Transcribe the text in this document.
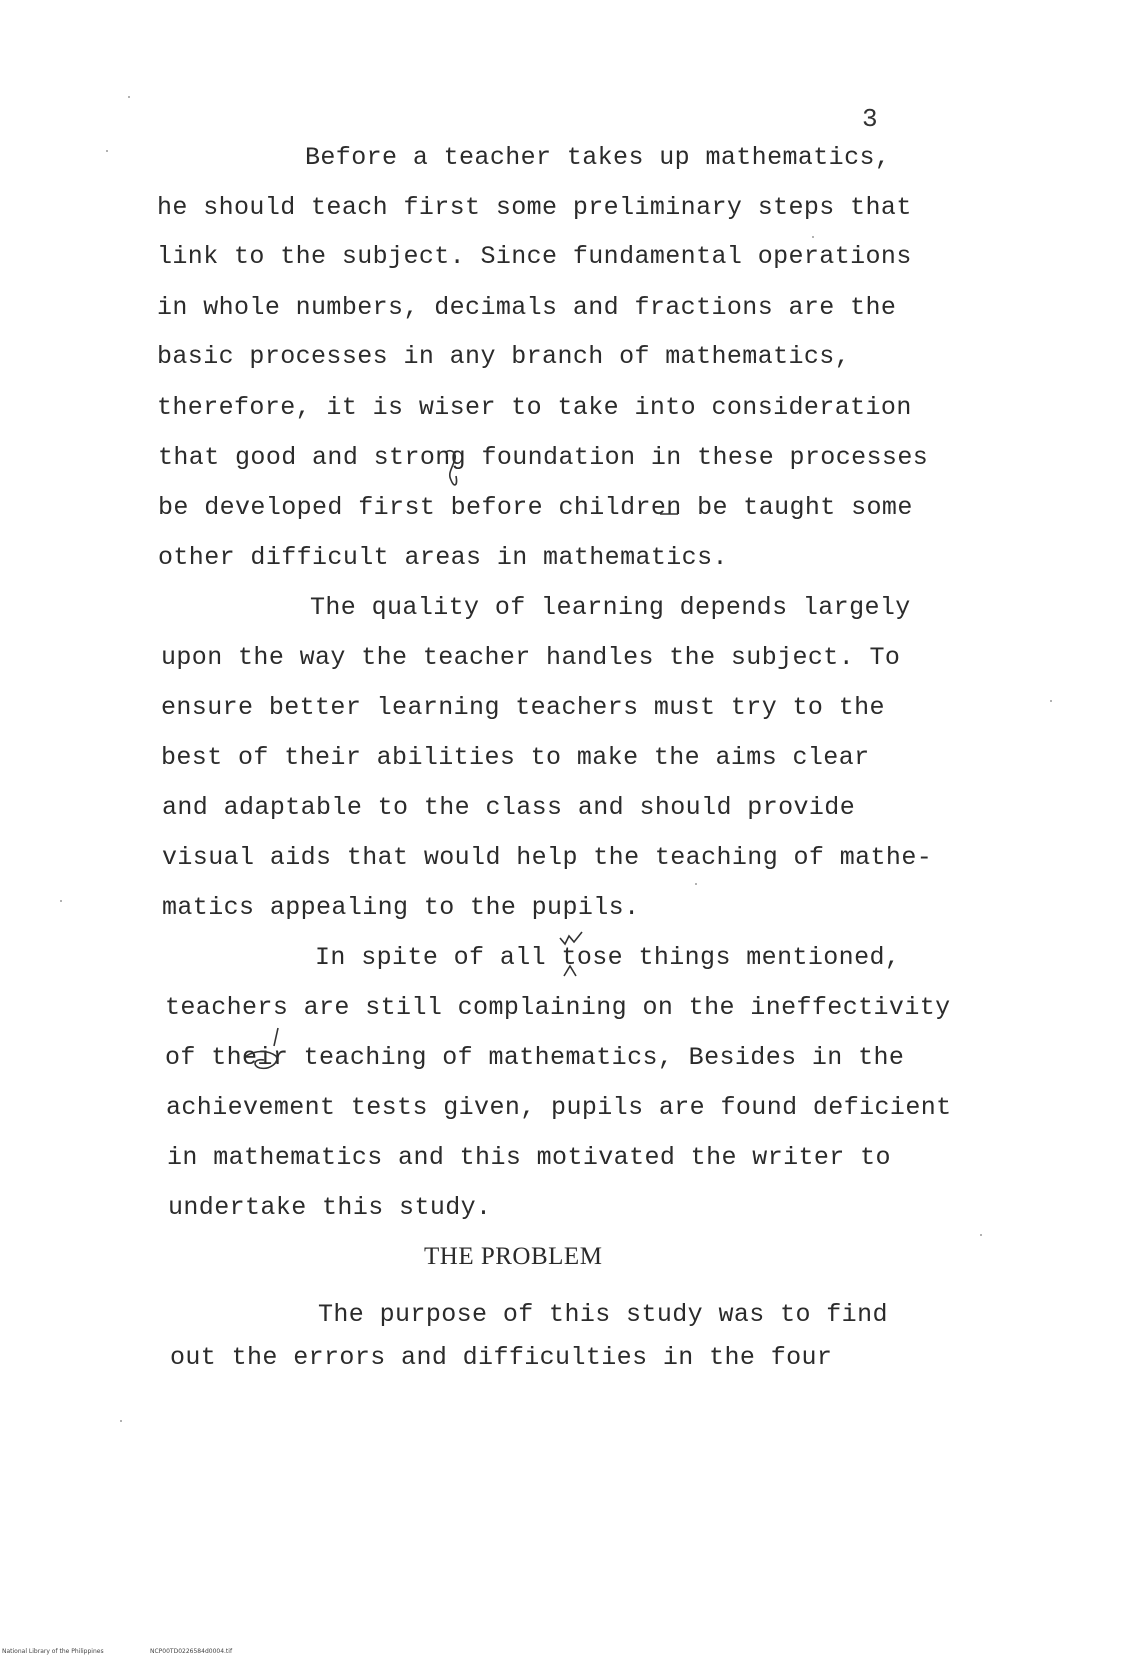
3
Before a teacher takes up mathematics,
he should teach first some preliminary steps that
link to the subject. Since fundamental operations
in whole numbers, decimals and fractions are the
basic processes in any branch of mathematics,
therefore, it is wiser to take into consideration
that good and strong foundation in these processes
be developed first before children be taught some
other difficult areas in mathematics.
The quality of learning depends largely
upon the way the teacher handles the subject. To
ensure better learning teachers must try to the
best of their abilities to make the aims clear
and adaptable to the class and should provide
visual aids that would help the teaching of mathe-
matics appealing to the pupils.
In spite of all tose things mentioned,
teachers are still complaining on the ineffectivity
of their teaching of mathematics, Besides in the
achievement tests given, pupils are found deficient
in mathematics and this motivated the writer to
undertake this study.
THE PROBLEM
The purpose of this study was to find
out the errors and difficulties in the four
National Library of the Philippines	NCP00TD0226584d0004.tif
